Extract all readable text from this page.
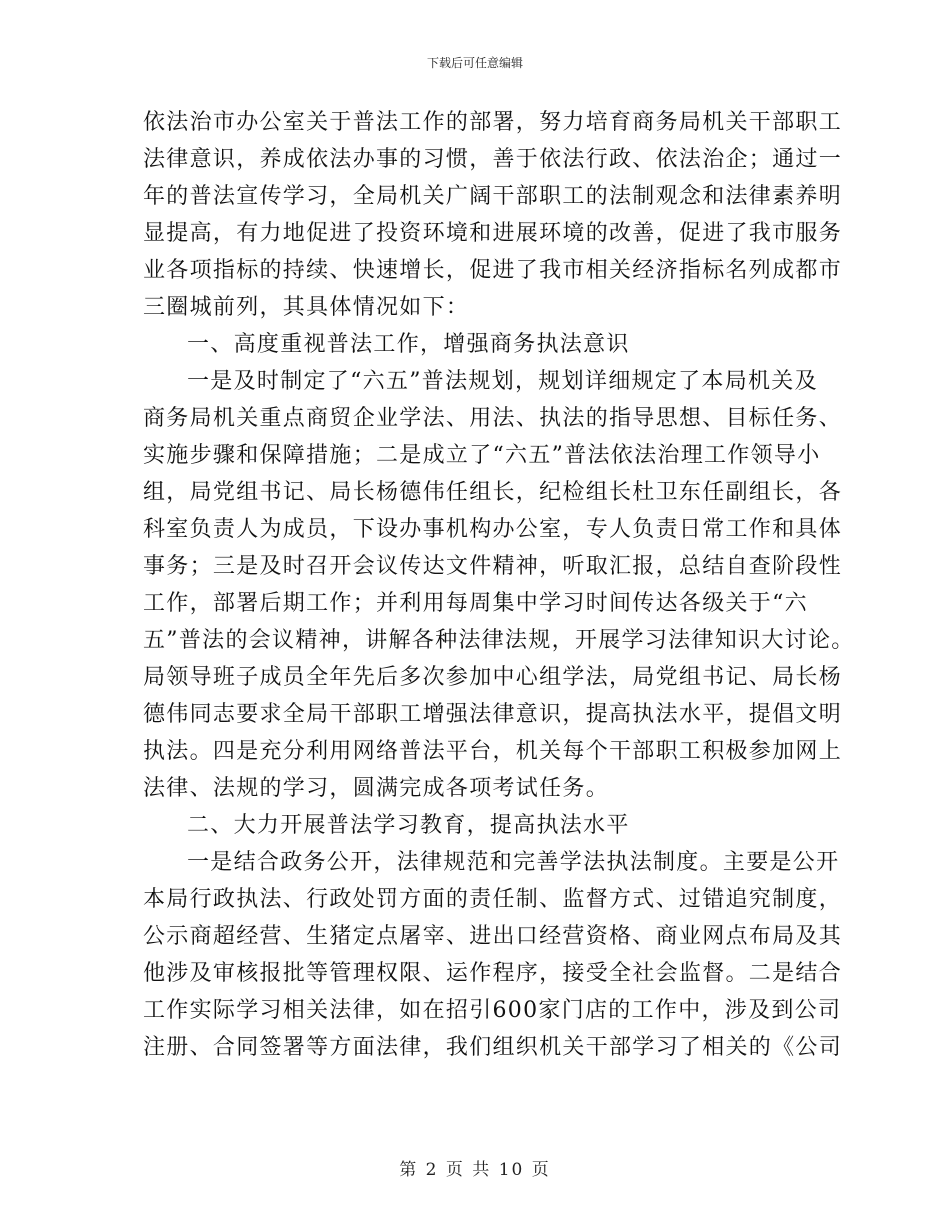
下载后可任意编辑
依法治市办公室关于普法工作的部署，努力培育商务局机关干部职工
法律意识，养成依法办事的习惯，善于依法行政、依法治企；通过一
年的普法宣传学习，全局机关广阔干部职工的法制观念和法律素养明
显提高，有力地促进了投资环境和进展环境的改善，促进了我市服务
业各项指标的持续、快速增长，促进了我市相关经济指标名列成都市
三圈城前列，其具体情况如下：
一、高度重视普法工作，增强商务执法意识
一是及时制定了“六五”普法规划，规划详细规定了本局机关及
商务局机关重点商贸企业学法、用法、执法的指导思想、目标任务、
实施步骤和保障措施；二是成立了“六五”普法依法治理工作领导小
组，局党组书记、局长杨德伟任组长，纪检组长杜卫东任副组长，各
科室负责人为成员，下设办事机构办公室，专人负责日常工作和具体
事务；三是及时召开会议传达文件精神，听取汇报，总结自查阶段性
工作，部署后期工作；并利用每周集中学习时间传达各级关于“六
五”普法的会议精神，讲解各种法律法规，开展学习法律知识大讨论。
局领导班子成员全年先后多次参加中心组学法，局党组书记、局长杨
德伟同志要求全局干部职工增强法律意识，提高执法水平，提倡文明
执法。四是充分利用网络普法平台，机关每个干部职工积极参加网上
法律、法规的学习，圆满完成各项考试任务。
二、大力开展普法学习教育，提高执法水平
一是结合政务公开，法律规范和完善学法执法制度。主要是公开
本局行政执法、行政处罚方面的责任制、监督方式、过错追究制度，
公示商超经营、生猪定点屠宰、进出口经营资格、商业网点布局及其
他涉及审核报批等管理权限、运作程序，接受全社会监督。二是结合
工作实际学习相关法律，如在招引600家门店的工作中，涉及到公司
注册、合同签署等方面法律，我们组织机关干部学习了相关的《公司
第 2 页 共 10 页
